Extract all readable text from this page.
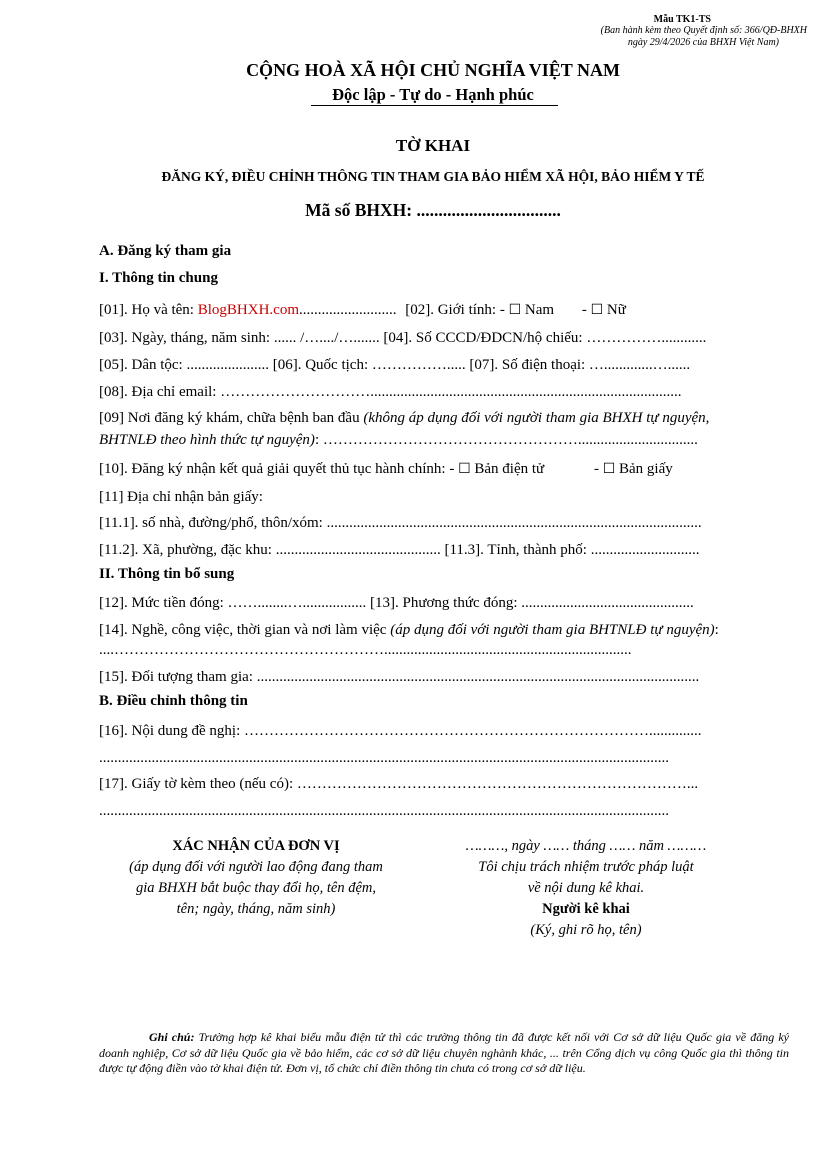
Mẫu TK1-TS
(Ban hành kèm theo Quyết định số: 366/QĐ-BHXH
ngày 29/4/2026 của BHXH Việt Nam)
CỘNG HOÀ XÃ HỘI CHỦ NGHĨA VIỆT NAM
Độc lập - Tự do - Hạnh phúc
TỜ KHAI
ĐĂNG KÝ, ĐIỀU CHỈNH THÔNG TIN THAM GIA BẢO HIỂM XÃ HỘI, BẢO HIỂM Y TẾ
Mã số BHXH: .................................
A. Đăng ký tham gia
I. Thông tin chung
[01]. Họ và tên: BlogBHXH.com.......................... [02]. Giới tính: - ☐ Nam - ☐ Nữ
[03]. Ngày, tháng, năm sinh: ...... /…..../…....... [04]. Số CCCD/ĐDCN/hộ chiếu: ……………............
[05]. Dân tộc: ...................... [06]. Quốc tịch: ……………..... [07]. Số điện thoại: ….............…......
[08]. Địa chỉ email: …………………………...................................................................................
[09] Nơi đăng ký khám, chữa bệnh ban đầu (không áp dụng đối với người tham gia BHXH tự nguyện,
BHTNLĐ theo hình thức tự nguyện): ……………………………………………................................
[10]. Đăng ký nhận kết quả giải quyết thủ tục hành chính: - ☐ Bản điện tử	- ☐ Bản giấy
[11] Địa chỉ nhận bản giấy:
[11.1]. số nhà, đường/phố, thôn/xóm: ....................................................................................................
[11.2]. Xã, phường, đặc khu: ............................................ [11.3]. Tỉnh, thành phố: .............................
II. Thông tin bổ sung
[12]. Mức tiền đóng: ……........…................. [13]. Phương thức đóng: ..............................................
[14]. Nghề, công việc, thời gian và nơi làm việc (áp dụng đối với người tham gia BHTNLĐ tự nguyện):
....………………………………………………..................................................................
[15]. Đối tượng tham gia: ......................................................................................................................
B. Điều chỉnh thông tin
[16]. Nội dung đề nghị: ………………………………………………………………………..............
........................................................................................................................................................
[17]. Giấy tờ kèm theo (nếu có): ……………………………………………………………………...
........................................................................................................................................................
XÁC NHẬN CỦA ĐƠN VỊ
(áp dụng đối với người lao động đang tham
gia BHXH bắt buộc thay đổi họ, tên đệm,
tên; ngày, tháng, năm sinh)
………, ngày …… tháng …… năm ………
Tôi chịu trách nhiệm trước pháp luật
về nội dung kê khai.
Người kê khai
(Ký, ghi rõ họ, tên)
Ghi chú: Trường hợp kê khai biểu mẫu điện tử thì các trường thông tin đã được kết nối với Cơ sở dữ liệu Quốc gia về đăng ký doanh nghiệp, Cơ sở dữ liệu Quốc gia về bảo hiểm, các cơ sở dữ liệu chuyên nghành khác, ... trên Cổng dịch vụ công Quốc gia thì thông tin được tự động điền vào tờ khai điện tử. Đơn vị, tổ chức chỉ điền thông tin chưa có trong cơ sở dữ liệu.
